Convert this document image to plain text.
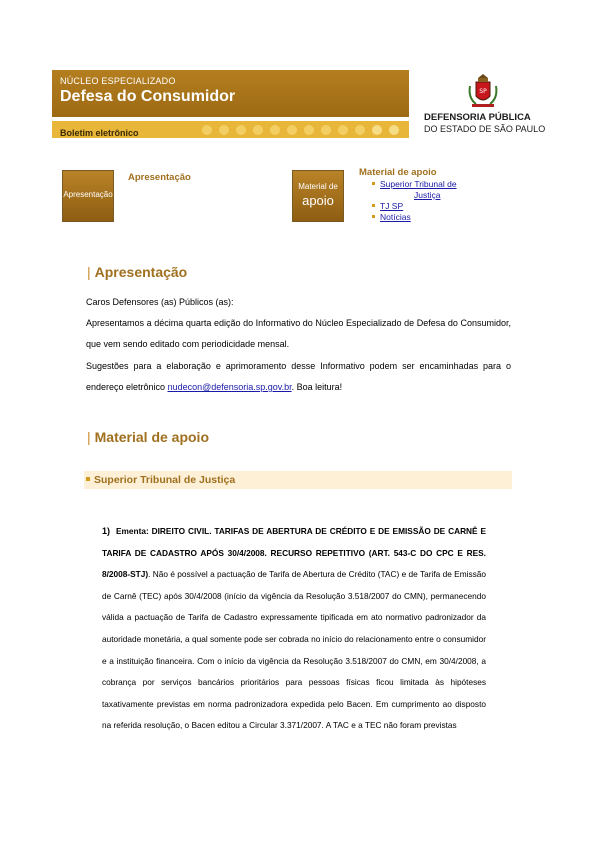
NÚCLEO ESPECIALIZADO
Defesa do Consumidor
Boletim eletrônico
SP
DEFENSORIA PÚBLICA
DO ESTADO DE SÃO PAULO
Apresentação
Apresentação
Material de
apoio
Material de apoio
Superior Tribunal de
Justiça
TJ SP
Notícias
| Apresentação
Caros Defensores (as) Públicos (as):
Apresentamos a décima quarta edição do Informativo do Núcleo Especializado de Defesa do Consumidor, que vem sendo editado com periodicidade mensal.
Sugestões para a elaboração e aprimoramento desse Informativo podem ser encaminhadas para o endereço eletrônico nudecon@defensoria.sp.gov.br. Boa leitura!
| Material de apoio
Superior Tribunal de Justiça
1) Ementa: DIREITO CIVIL. TARIFAS DE ABERTURA DE CRÉDITO E DE EMISSÃO DE CARNÊ E TARIFA DE CADASTRO APÓS 30/4/2008. RECURSO REPETITIVO (ART. 543-C DO CPC E RES. 8/2008-STJ). Não é possível a pactuação de Tarifa de Abertura de Crédito (TAC) e de Tarifa de Emissão de Carnê (TEC) após 30/4/2008 (início da vigência da Resolução 3.518/2007 do CMN), permanecendo válida a pactuação de Tarifa de Cadastro expressamente tipificada em ato normativo padronizador da autoridade monetária, a qual somente pode ser cobrada no início do relacionamento entre o consumidor e a instituição financeira. Com o início da vigência da Resolução 3.518/2007 do CMN, em 30/4/2008, a cobrança por serviços bancários prioritários para pessoas físicas ficou limitada às hipóteses taxativamente previstas em norma padronizadora expedida pelo Bacen. Em cumprimento ao disposto na referida resolução, o Bacen editou a Circular 3.371/2007. A TAC e a TEC não foram previstas
